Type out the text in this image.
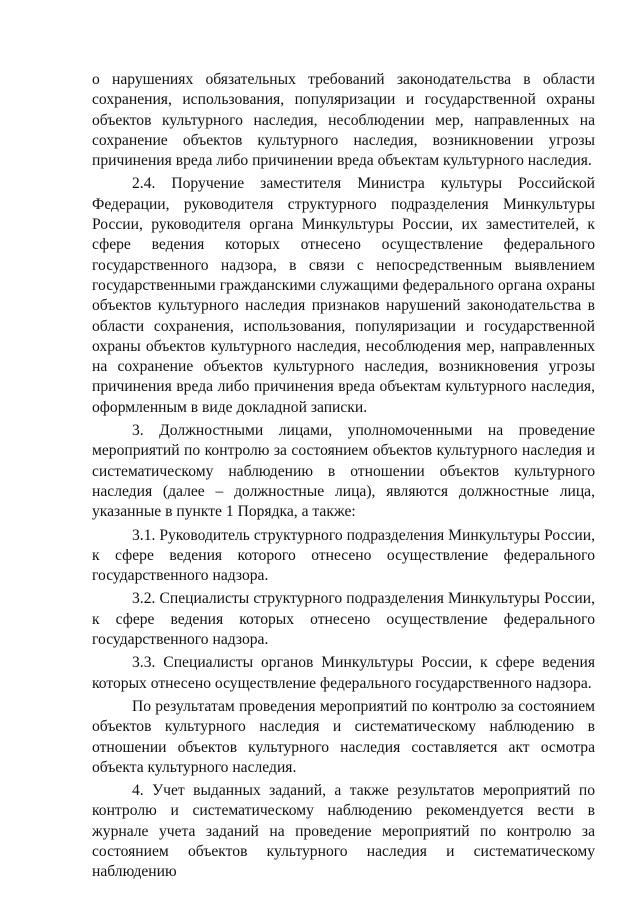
о нарушениях обязательных требований законодательства в области сохранения, использования, популяризации и государственной охраны объектов культурного наследия, несоблюдении мер, направленных на сохранение объектов культурного наследия, возникновении угрозы причинения вреда либо причинении вреда объектам культурного наследия.

2.4. Поручение заместителя Министра культуры Российской Федерации, руководителя структурного подразделения Минкультуры России, руководителя органа Минкультуры России, их заместителей, к сфере ведения которых отнесено осуществление федерального государственного надзора, в связи с непосредственным выявлением государственными гражданскими служащими федерального органа охраны объектов культурного наследия признаков нарушений законодательства в области сохранения, использования, популяризации и государственной охраны объектов культурного наследия, несоблюдения мер, направленных на сохранение объектов культурного наследия, возникновения угрозы причинения вреда либо причинения вреда объектам культурного наследия, оформленным в виде докладной записки.

3. Должностными лицами, уполномоченными на проведение мероприятий по контролю за состоянием объектов культурного наследия и систематическому наблюдению в отношении объектов культурного наследия (далее – должностные лица), являются должностные лица, указанные в пункте 1 Порядка, а также:

3.1. Руководитель структурного подразделения Минкультуры России, к сфере ведения которого отнесено осуществление федерального государственного надзора.

3.2. Специалисты структурного подразделения Минкультуры России, к сфере ведения которых отнесено осуществление федерального государственного надзора.

3.3. Специалисты органов Минкультуры России, к сфере ведения которых отнесено осуществление федерального государственного надзора.

По результатам проведения мероприятий по контролю за состоянием объектов культурного наследия и систематическому наблюдению в отношении объектов культурного наследия составляется акт осмотра объекта культурного наследия.

4. Учет выданных заданий, а также результатов мероприятий по контролю и систематическому наблюдению рекомендуется вести в журнале учета заданий на проведение мероприятий по контролю за состоянием объектов культурного наследия и систематическому наблюдению
